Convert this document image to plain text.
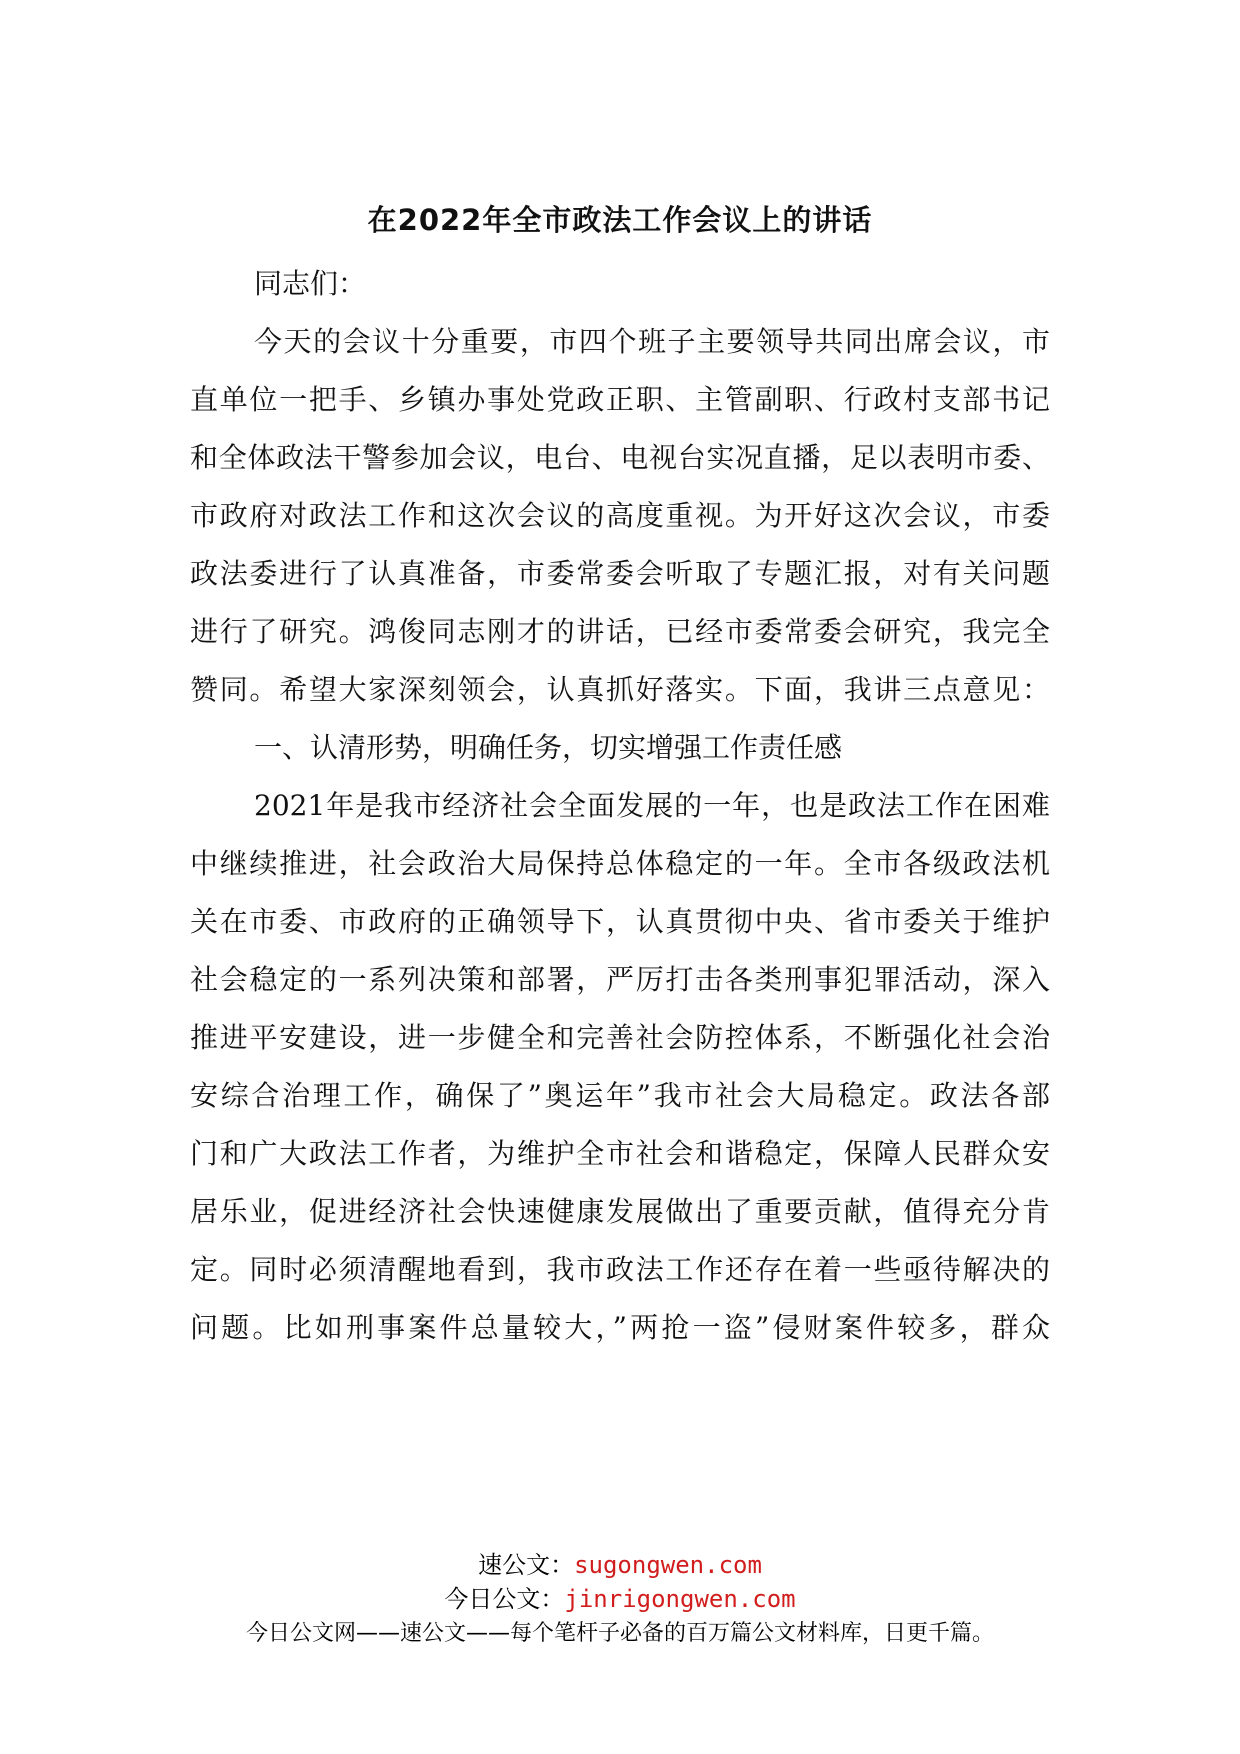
在2022年全市政法工作会议上的讲话
同志们：
今天的会议十分重要，市四个班子主要领导共同出席会议，市
直单位一把手、乡镇办事处党政正职、主管副职、行政村支部书记
和全体政法干警参加会议，电台、电视台实况直播，足以表明市委、
市政府对政法工作和这次会议的高度重视。为开好这次会议，市委
政法委进行了认真准备，市委常委会听取了专题汇报，对有关问题
进行了研究。鸿俊同志刚才的讲话，已经市委常委会研究，我完全
赞同。希望大家深刻领会，认真抓好落实。下面，我讲三点意见：
一、认清形势，明确任务，切实增强工作责任感
2021年是我市经济社会全面发展的一年，也是政法工作在困难
中继续推进，社会政治大局保持总体稳定的一年。全市各级政法机
关在市委、市政府的正确领导下，认真贯彻中央、省市委关于维护
社会稳定的一系列决策和部署，严厉打击各类刑事犯罪活动，深入
推进平安建设，进一步健全和完善社会防控体系，不断强化社会治
安综合治理工作，确保了”奥运年”我市社会大局稳定。政法各部
门和广大政法工作者，为维护全市社会和谐稳定，保障人民群众安
居乐业，促进经济社会快速健康发展做出了重要贡献，值得充分肯
定。同时必须清醒地看到，我市政法工作还存在着一些亟待解决的
问题。比如刑事案件总量较大，”两抢一盗”侵财案件较多，群众
速公文：sugongwen.com
今日公文：jinrigongwen.com
今日公文网——速公文——每个笔杆子必备的百万篇公文材料库，日更千篇。
